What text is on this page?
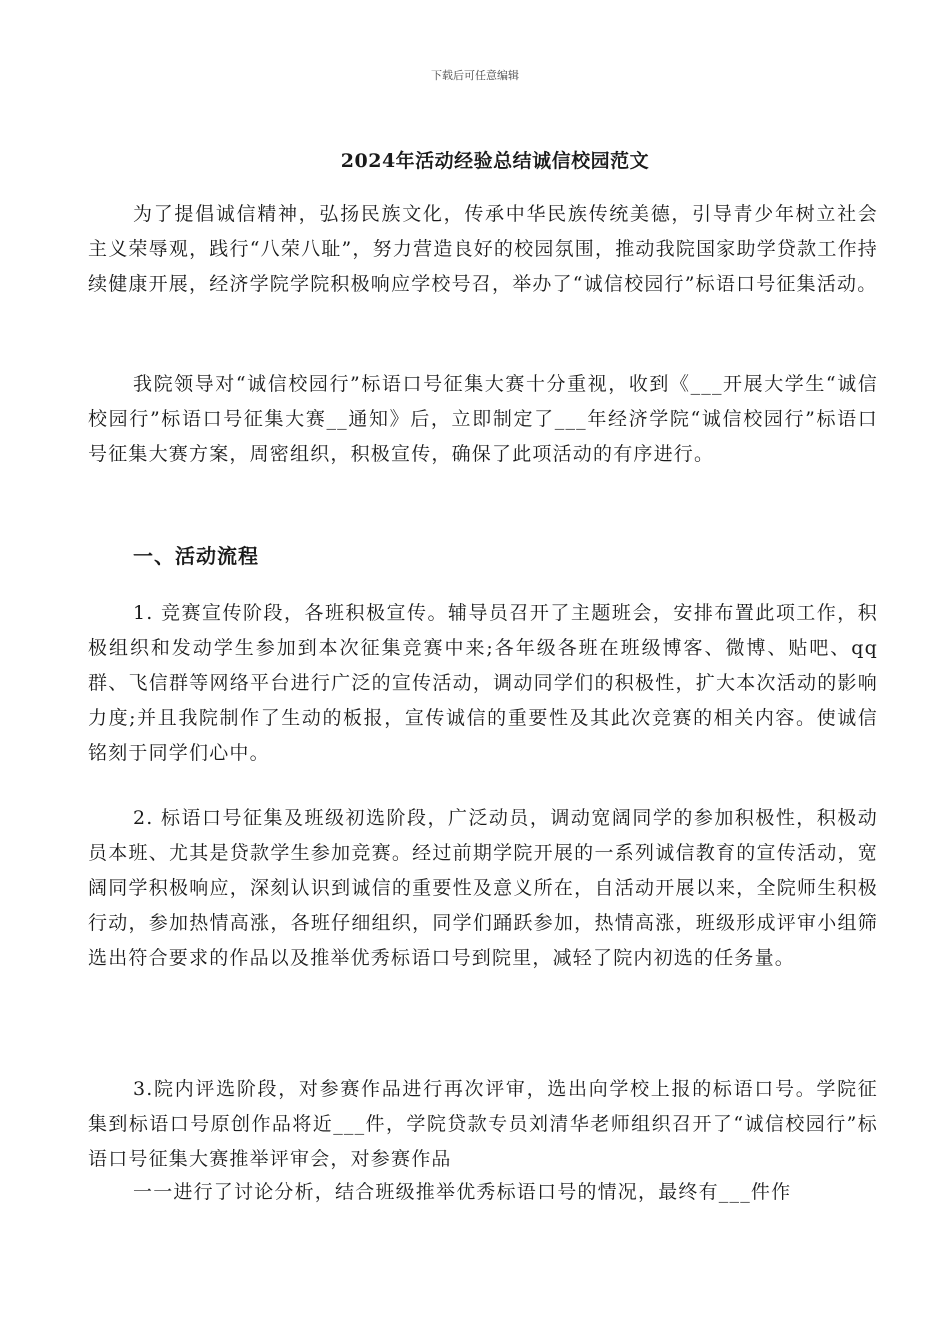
下载后可任意编辑
2024年活动经验总结诚信校园范文

为了提倡诚信精神，弘扬民族文化，传承中华民族传统美德，引导青少年树立社会主义荣辱观，践行“八荣八耻”，努力营造良好的校园氛围，推动我院国家助学贷款工作持续健康开展，经济学院学院积极响应学校号召，举办了“诚信校园行”标语口号征集活动。

我院领导对“诚信校园行”标语口号征集大赛十分重视，收到《___开展大学生“诚信校园行”标语口号征集大赛__通知》后，立即制定了___年经济学院“诚信校园行”标语口号征集大赛方案，周密组织，积极宣传，确保了此项活动的有序进行。

一、活动流程

1. 竞赛宣传阶段，各班积极宣传。辅导员召开了主题班会，安排布置此项工作，积极组织和发动学生参加到本次征集竞赛中来;各年级各班在班级博客、微博、贴吧、qq群、飞信群等网络平台进行广泛的宣传活动，调动同学们的积极性，扩大本次活动的影响力度;并且我院制作了生动的板报，宣传诚信的重要性及其此次竞赛的相关内容。使诚信铭刻于同学们心中。

2. 标语口号征集及班级初选阶段，广泛动员，调动宽阔同学的参加积极性，积极动员本班、尤其是贷款学生参加竞赛。经过前期学院开展的一系列诚信教育的宣传活动，宽阔同学积极响应，深刻认识到诚信的重要性及意义所在，自活动开展以来，全院师生积极行动，参加热情高涨，各班仔细组织，同学们踊跃参加，热情高涨，班级形成评审小组筛选出符合要求的作品以及推举优秀标语口号到院里，减轻了院内初选的任务量。

3.院内评选阶段，对参赛作品进行再次评审，选出向学校上报的标语口号。学院征集到标语口号原创作品将近___件，学院贷款专员刘清华老师组织召开了“诚信校园行”标语口号征集大赛推举评审会，对参赛作品

一一进行了讨论分析，结合班级推举优秀标语口号的情况，最终有___件作
